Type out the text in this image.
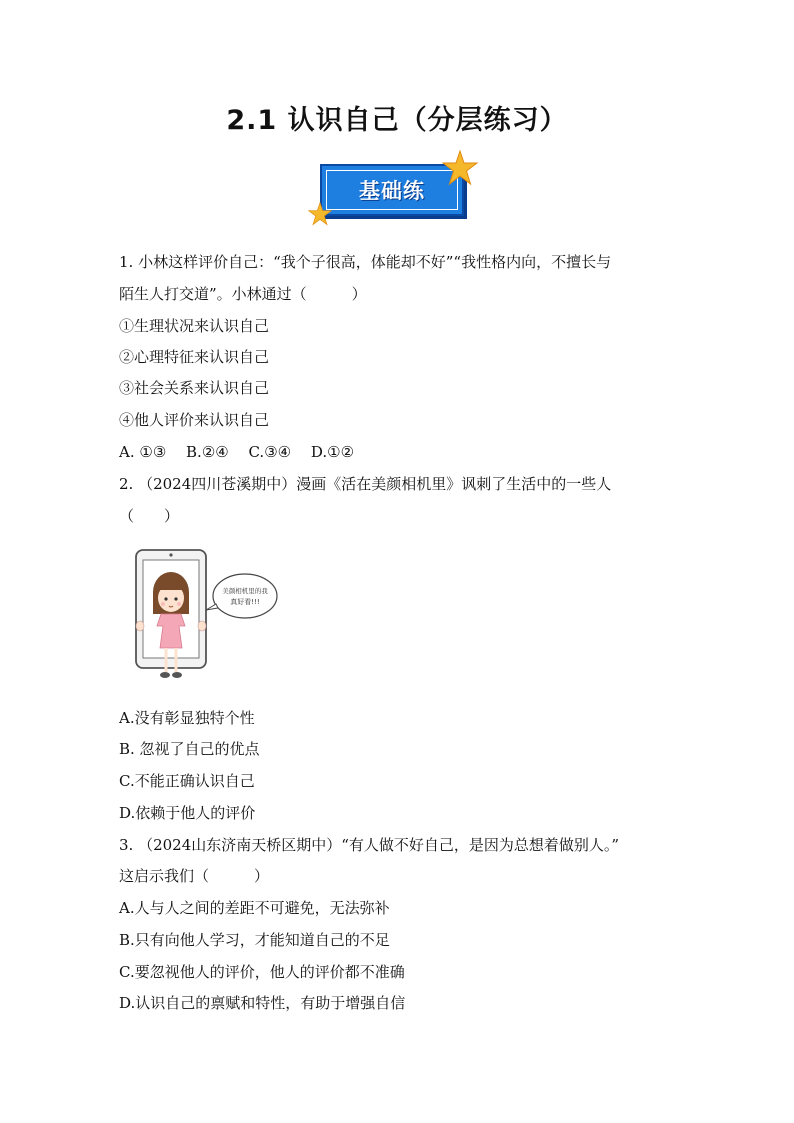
2.1 认识自己（分层练习）
基础练
1. 小林这样评价自己：“我个子很高，体能却不好”“我性格内向，不擅长与
陌生人打交道”。小林通过（　　　）
①生理状况来认识自己
②心理特征来认识自己
③社会关系来认识自己
④他人评价来认识自己
A. ①③　 B.②④　 C.③④　 D.①②
2. （2024四川苍溪期中）漫画《活在美颜相机里》讽刺了生活中的一些人
（　　）
美颜相机里的我
真好看!!!
A.没有彰显独特个性
B. 忽视了自己的优点
C.不能正确认识自己
D.依赖于他人的评价
3. （2024山东济南天桥区期中）“有人做不好自己，是因为总想着做别人。”
这启示我们（　　　）
A.人与人之间的差距不可避免，无法弥补
B.只有向他人学习，才能知道自己的不足
C.要忽视他人的评价，他人的评价都不准确
D.认识自己的禀赋和特性，有助于增强自信
